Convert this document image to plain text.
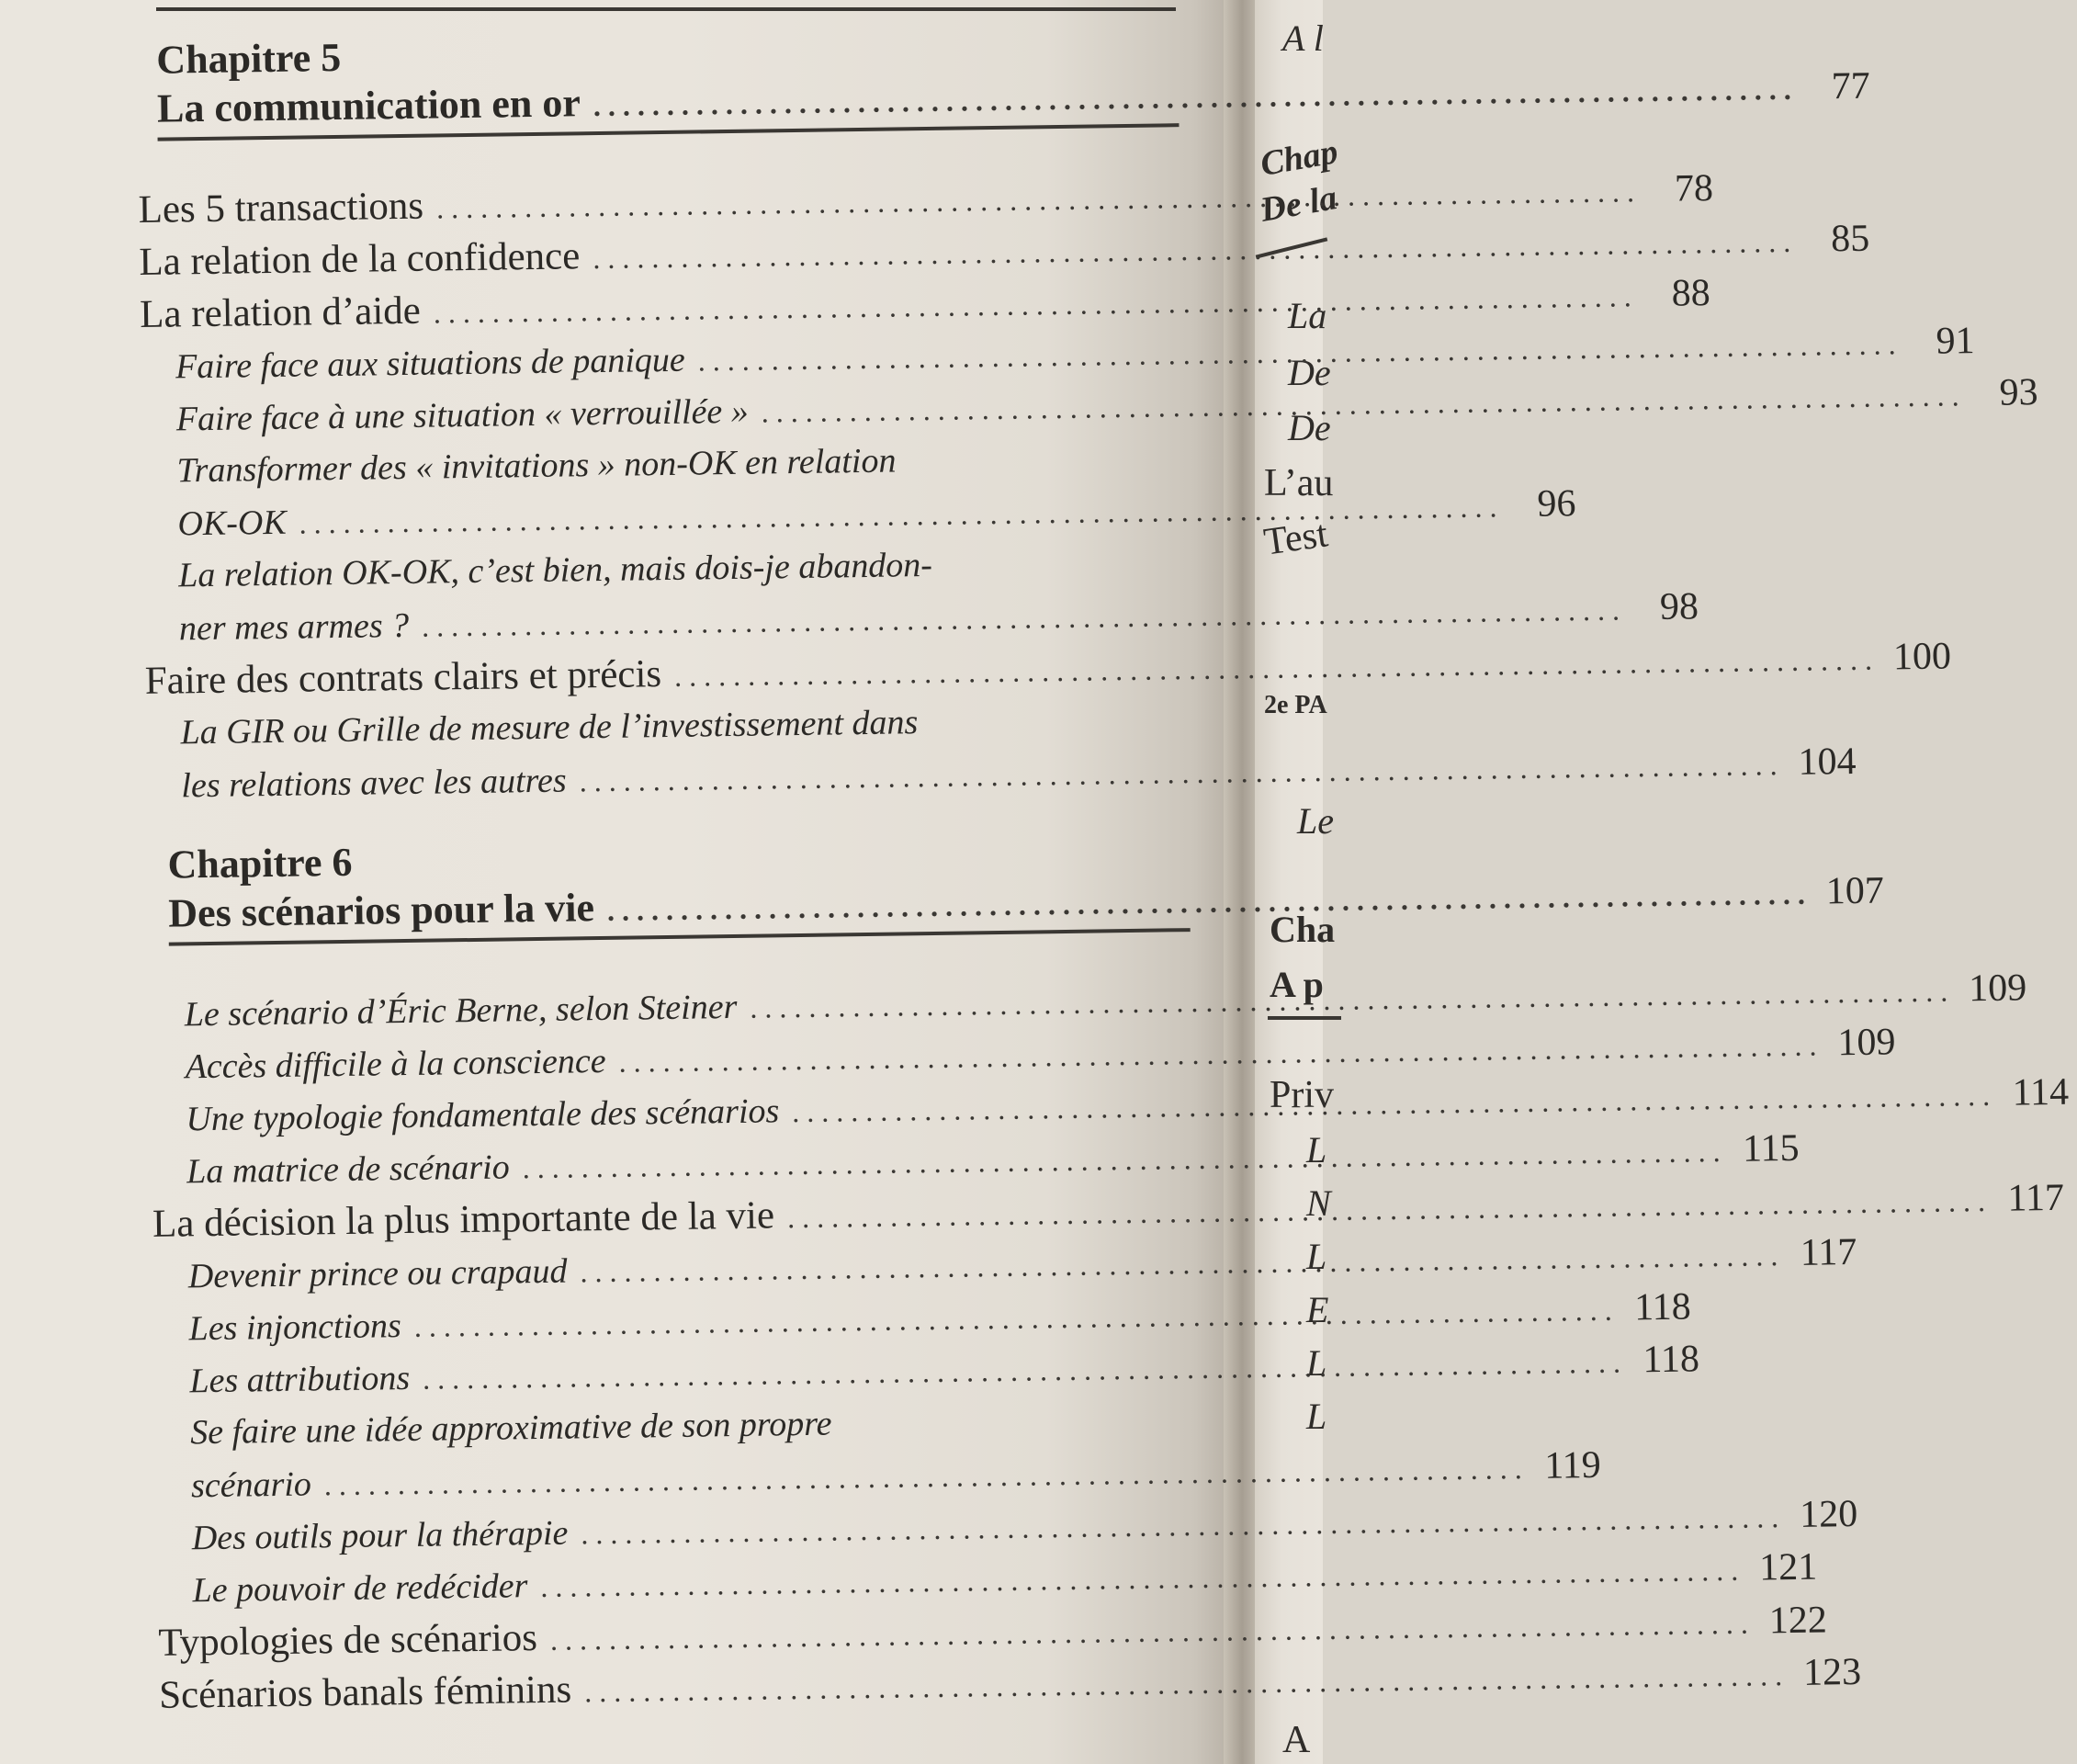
A l
Chap
De la
La
De
De
L’au
Test
2e PA
Le
Cha
A p
Priv
L
N
L
E
L
L
A
Chapitre 5
La communication en or . . .	77
Les 5 transactions . . .	78
La relation de la confidence . . .	85
La relation d’aide . . .	88
Faire face aux situations de panique . . .	91
Faire face à une situation « verrouillée » . . .	93
Transformer des « invitations » non-OK en relation
OK-OK . . .	96
La relation OK-OK, c’est bien, mais dois-je abandon-
ner mes armes ? . . .	98
Faire des contrats clairs et précis . . .	100
La GIR ou Grille de mesure de l’investissement dans
les relations avec les autres . . .	104
Chapitre 6
Des scénarios pour la vie . . .	107
Le scénario d’Éric Berne, selon Steiner . . .	109
Accès difficile à la conscience . . .	109
Une typologie fondamentale des scénarios . . .	114
La matrice de scénario . . .	115
La décision la plus importante de la vie . . .	117
Devenir prince ou crapaud . . .	117
Les injonctions . . .	118
Les attributions . . .	118
Se faire une idée approximative de son propre
scénario . . .	119
Des outils pour la thérapie . . .	120
Le pouvoir de redécider . . .	121
Typologies de scénarios . . .	122
Scénarios banals féminins . . .	123
